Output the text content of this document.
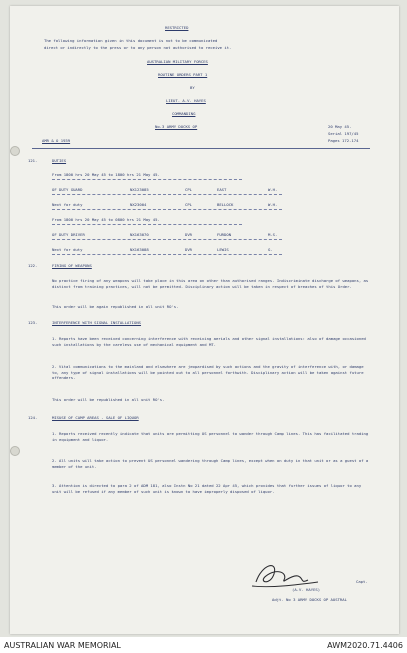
RESTRICTED
The following information given in this document is not to be communicated
direct or indirectly to the press or to any person not authorised to receive it.
AUSTRALIAN MILITARY FORCES
ROUTINE ORDERS PART 1
BY
LIEUT. A.V. HAYES
COMMANDING
No.3 ARMY DOCKS OP	20 May 45.
Serial 197/45
Pages 172-174
AMR & O 1939
121.	DUTIES
From 1800 hrs 20 May 45 to 1800 hrs 21 May 45.
OF DUTY GUARD	NX123085	CPL	EAST	W.H.
Next for duty	NX23004	CPL	BELLOCK	W.H.
From 1800 hrs 20 May 45 to 0800 hrs 21 May 45.
OF DUTY DRIVER	NX163070	DVR	FURDON	M.S.
Next for duty	NX163088	DVR	LEWIS	G.
122.	FIRING OF WEAPONS
No practice firing of any weapons will take place in this area on other than authorised ranges. Indiscriminate discharge of weapons, as distinct from training practices, will not be permitted. Disciplinary action will be taken in respect of breaches of this Order.
This order will be again republished in all unit RO's.
123.	INTERFERENCE WITH SIGNAL INSTALLATIONS
1. Reports have been received concerning interference with receiving aerials and other signal installations: also of damage occasioned such installations by the careless use of mechanical equipment and MT.
2. Vital communications to the mainland and elsewhere are jeopardised by such actions and the gravity of interference with, or damage to, any type of signal installations will be pointed out to all personnel forthwith. Disciplinary action will be taken against future offenders.
This order will be republished in all unit RO's.
124.	MISUSE OF CAMP AREAS - SALE OF LIQUOR
1. Reports received recently indicate that units are permitting US personnel to wander through Camp lines. This has facilitated trading in equipment and liquor.
2. All units will take action to prevent US personnel wandering through Camp lines, except when on duty in that unit or as a guest of a member of the unit.
3. Attention is directed to para 2 of ADM 181, also Instn No 21 dated 22 Apr 45, which provides that further issues of liquor to any unit will be refused if any member of such unit is known to have improperly disposed of liquor.
Capt.
(A.V. HAYES)
Adjt. No 3 ARMY DOCKS OP AUSTRAL
AUSTRALIAN WAR MEMORIAL	AWM2020.71.4406
